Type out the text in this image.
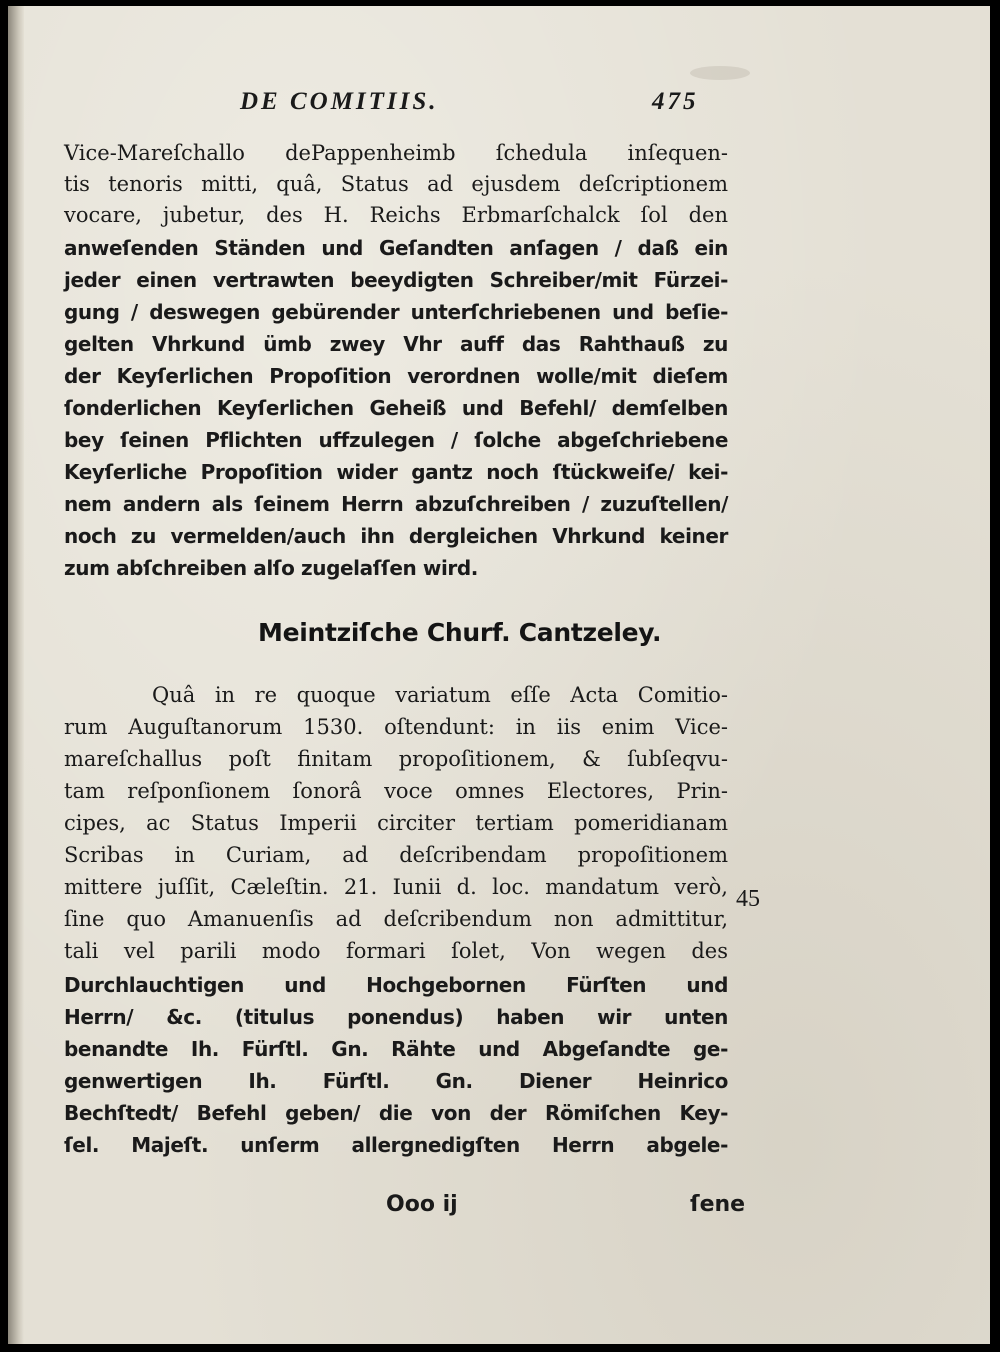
DE COMITIIS.	475
Vice-Mareſchallo dePappenheimb ſchedula inſequen-
tis tenoris mitti, quâ, Status ad ejusdem deſcriptionem
vocare, jubetur, des H. Reichs Erbmarſchalck ſol den
anweſenden Ständen und Geſandten anſagen / daß ein
jeder einen vertrawten beeydigten Schreiber/mit Fürzei-
gung / deswegen gebürender unterſchriebenen und beſie-
gelten Vhrkund ümb zwey Vhr auff das Rahthauß zu
der Keyſerlichen Propoſition verordnen wolle/mit dieſem
ſonderlichen Keyſerlichen Geheiß und Befehl/ demſelben
bey ſeinen Pflichten uffzulegen / ſolche abgeſchriebene
Keyſerliche Propoſition wider gantz noch ſtückweiſe/ kei-
nem andern als ſeinem Herrn abzuſchreiben / zuzuſtellen/
noch zu vermelden/auch ihn dergleichen Vhrkund keiner
zum abſchreiben alſo zugelaſſen wird.
Meintziſche Churf. Cantzeley.
Quâ in re quoque variatum eſſe Acta Comitio-
rum Auguſtanorum 1530. oſtendunt: in iis enim Vice-
mareſchallus poſt finitam propoſitionem, & ſubſeqvu-
tam reſponſionem ſonorâ voce omnes Electores, Prin-
cipes, ac Status Imperii circiter tertiam pomeridianam
Scribas in Curiam, ad deſcribendam propoſitionem
mittere juſſit, Cæleſtin. 21. Iunii d. loc. mandatum verò,
ſine quo Amanuenſis ad deſcribendum non admittitur,
tali vel parili modo formari ſolet, Von wegen des
Durchlauchtigen und Hochgebornen Fürſten und
Herrn/ &c. (titulus ponendus) haben wir unten
benandte Ih. Fürſtl. Gn. Rähte und Abgeſandte ge-
genwertigen Ih. Fürſtl. Gn. Diener Heinrico
Bechſtedt/ Befehl geben/ die von der Römiſchen Key-
ſel. Majeſt. unſerm allergnedigſten Herrn abgele-
45
Ooo ij	ſene
